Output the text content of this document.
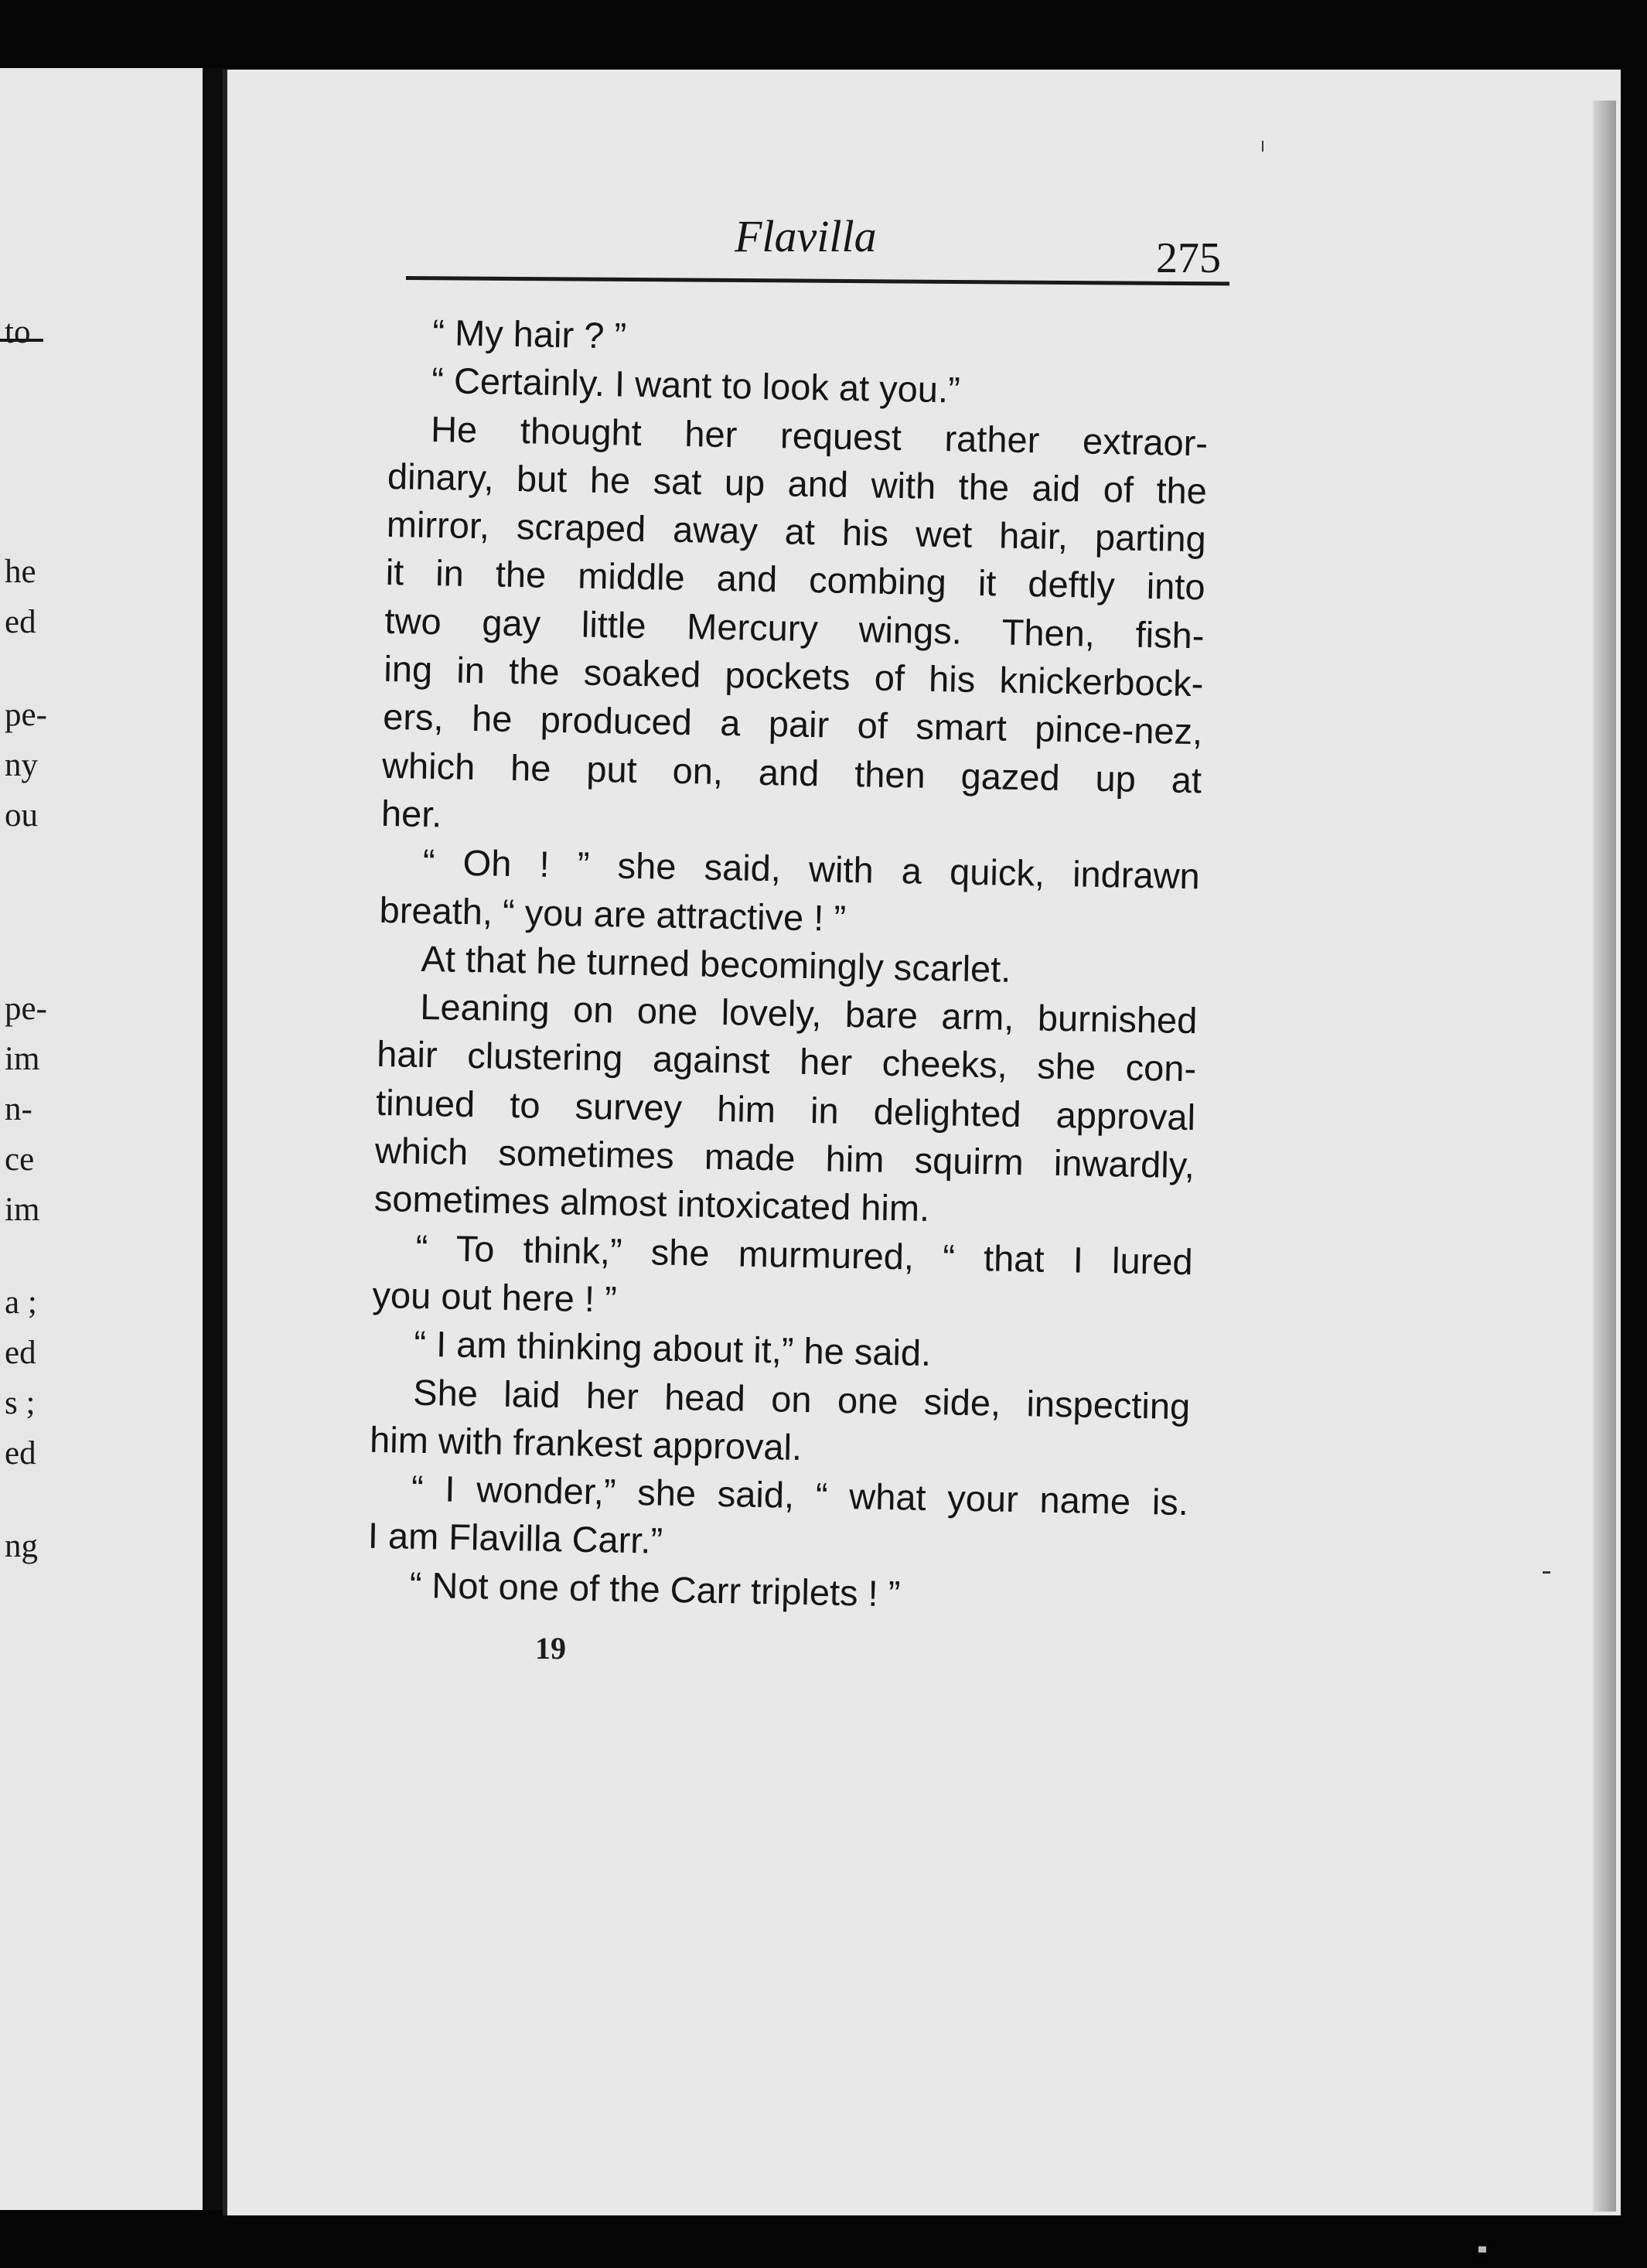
to
he
ed
pe-
ny
ou
pe-
im
n-
ce
im
a ;
ed
s ;
ed
ng
Flavilla	275
“ My hair ? ”
“ Certainly. I want to look at you.”
He thought her request rather extraor-
dinary, but he sat up and with the aid of the
mirror, scraped away at his wet hair, parting
it in the middle and combing it deftly into
two gay little Mercury wings. Then, fish-
ing in the soaked pockets of his knickerbock-
ers, he produced a pair of smart pince-nez,
which he put on, and then gazed up at
her.
“ Oh ! ” she said, with a quick, indrawn
breath, “ you are attractive ! ”
At that he turned becomingly scarlet.
Leaning on one lovely, bare arm, burnished
hair clustering against her cheeks, she con-
tinued to survey him in delighted approval
which sometimes made him squirm inwardly,
sometimes almost intoxicated him.
“ To think,” she murmured, “ that I lured
you out here ! ”
“ I am thinking about it,” he said.
She laid her head on one side, inspecting
him with frankest approval.
“ I wonder,” she said, “ what your name is.
I am Flavilla Carr.”
“ Not one of the Carr triplets ! ”
19
